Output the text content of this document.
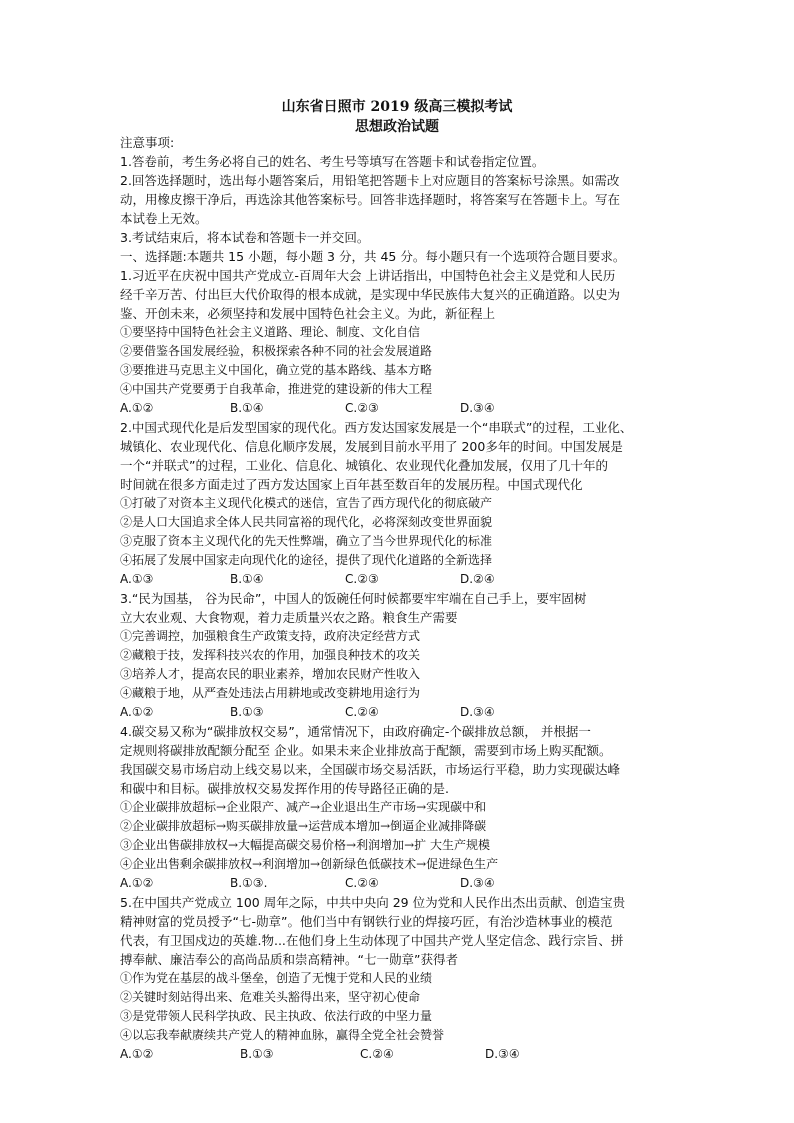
山东省日照市 2019 级高三模拟考试
思想政治试题
注意事项:
1.答卷前，考生务必将自己的姓名、考生号等填写在答题卡和试卷指定位置。
2.回答选择题时，选出每小题答案后，用铅笔把答题卡上对应题目的答案标号涂黑。如需改
动，用橡皮擦干净后，再选涂其他答案标号。回答非选择题时，将答案写在答题卡上。写在
本试卷上无效。
3.考试结束后，将本试卷和答题卡一并交回。
一、选择题:本题共 15 小题，每小题 3 分，共 45 分。每小题只有一个选项符合题目要求。
1.习近平在庆祝中国共产党成立-百周年大会 上讲话指出，中国特色社会主义是党和人民历
经千辛万苦、付出巨大代价取得的根本成就，是实现中华民族伟大复兴的正确道路。以史为
鉴、开创未来，必须坚持和发展中国特色社会主义。为此，新征程上
①要坚持中国特色社会主义道路、理论、制度、文化自信
②要借鉴各国发展经验，积极探索各种不同的社会发展道路
③要推进马克思主义中国化，确立党的基本路线、基本方略
④中国共产党要勇于自我革命，推进党的建设新的伟大工程
A.①②	B.①④	C.②③	D.③④
2.中国式现代化是后发型国家的现代化。西方发达国家发展是一个“串联式”的过程，工业化、
城镇化、农业现代化、信息化顺序发展，发展到目前水平用了 200多年的时间。中国发展是
一个“并联式”的过程，工业化、信息化、城镇化、农业现代化叠加发展，仅用了几十年的
时间就在很多方面走过了西方发达国家上百年甚至数百年的发展历程。中国式现代化
①打破了对资本主义现代化模式的迷信，宣告了西方现代化的彻底破产
②是人口大国追求全体人民共同富裕的现代化，必将深刻改变世界面貌
③克服了资本主义现代化的先天性弊端，确立了当今世界现代化的标准
④拓展了发展中国家走向现代化的途径，提供了现代化道路的全新选择
A.①③	B.①④	C.②③	D.②④
3.“民为国基， 谷为民命”，中国人的饭碗任何时候都要牢牢端在自己手上，要牢固树
立大农业观、大食物观，着力走质量兴农之路。粮食生产需要
①完善调控，加强粮食生产政策支持，政府决定经营方式
②藏粮于技，发挥科技兴农的作用，加强良种技术的攻关
③培养人才，提高农民的职业素养，增加农民财产性收入
④藏粮于地，从严查处违法占用耕地或改变耕地用途行为
A.①②	B.①③	C.②④	D.③④
4.碳交易又称为“碳排放权交易”，通常情况下，由政府确定-个碳排放总额， 并根据一
定规则将碳排放配额分配至 企业。如果未来企业排放高于配额，需要到市场上购买配额。
我国碳交易市场启动上线交易以来，全国碳市场交易活跃，市场运行平稳，助力实现碳达峰
和碳中和目标。碳排放权交易发挥作用的传导路径正确的是.
①企业碳排放超标→企业限产、减产→企业退出生产市场→实现碳中和
②企业碳排放超标→购买碳排放量→运营成本增加→倒逼企业减排降碳
③企业出售碳排放权→大幅提高碳交易价格→利润增加→扩 大生产规模
④企业出售剩余碳排放权→利润增加→创新绿色低碳技术→促进绿色生产
A.①②	B.①③.	C.②④	D.③④
5.在中国共产党成立 100 周年之际，中共中央向 29 位为党和人民作出杰出贡献、创造宝贵
精神财富的党员授予“七-勋章”。他们当中有钢铁行业的焊接巧匠，有治沙造林事业的模范
代表，有卫国戍边的英雄.物...在他们身上生动体现了中国共产党人坚定信念、践行宗旨、拼
搏奉献、廉洁奉公的高尚品质和崇高精神。“七一勋章”获得者
①作为党在基层的战斗堡垒，创造了无愧于党和人民的业绩
②关键时刻站得出来、危难关头豁得出来，坚守初心使命
③是党带领人民科学执政、民主执政、依法行政的中坚力量
④以忘我奉献赓续共产党人的精神血脉，赢得全党全社会赞誉
A.①②	B.①③	C.②④	D.③④
